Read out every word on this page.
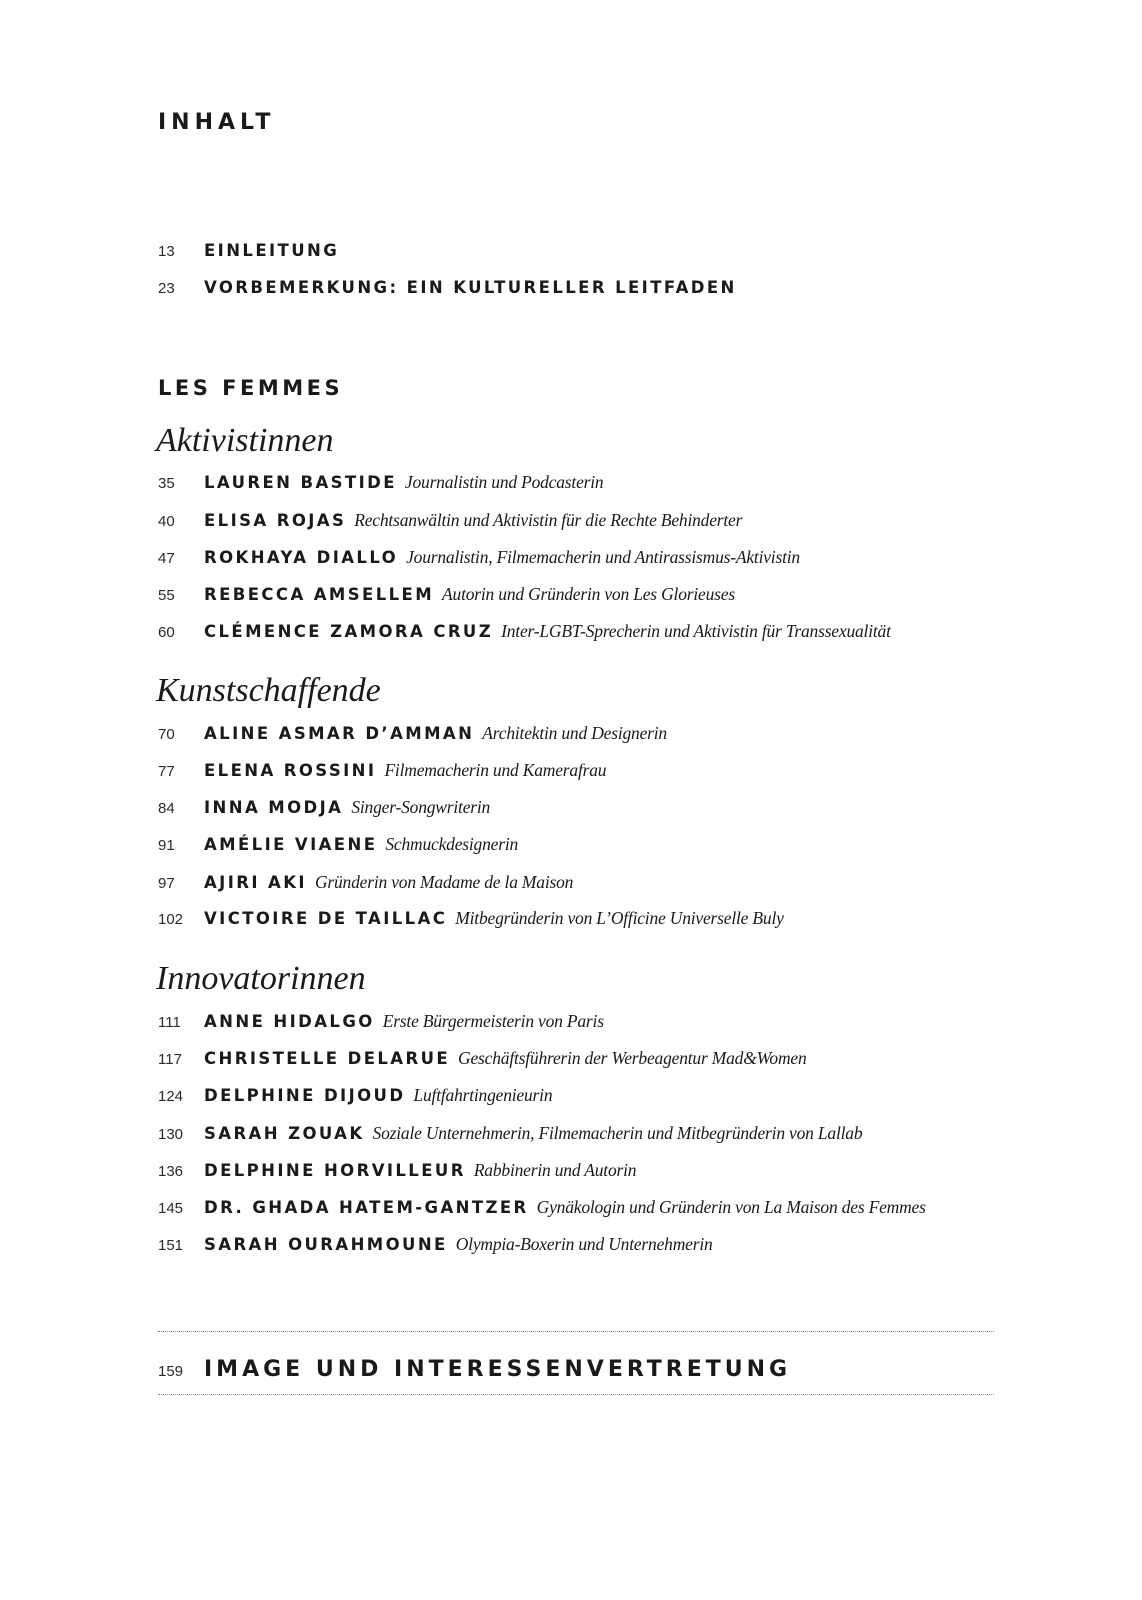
INHALT
13	EINLEITUNG
23	VORBEMERKUNG: EIN KULTURELLER LEITFADEN
LES FEMMES
Aktivistinnen
35	LAUREN BASTIDE Journalistin und Podcasterin
40	ELISA ROJAS Rechtsanwältin und Aktivistin für die Rechte Behinderter
47	ROKHAYA DIALLO Journalistin, Filmemacherin und Antirassismus-Aktivistin
55	REBECCA AMSELLEM Autorin und Gründerin von Les Glorieuses
60	CLÉMENCE ZAMORA CRUZ Inter-LGBT-Sprecherin und Aktivistin für Transsexualität
Kunstschaffende
70	ALINE ASMAR D’AMMAN Architektin und Designerin
77	ELENA ROSSINI Filmemacherin und Kamerafrau
84	INNA MODJA Singer-Songwriterin
91	AMÉLIE VIAENE Schmuckdesignerin
97	AJIRI AKI Gründerin von Madame de la Maison
102	VICTOIRE DE TAILLAC Mitbegründerin von L’Officine Universelle Buly
Innovatorinnen
111	ANNE HIDALGO Erste Bürgermeisterin von Paris
117	CHRISTELLE DELARUE Geschäftsführerin der Werbeagentur Mad&Women
124	DELPHINE DIJOUD Luftfahrtingenieurin
130	SARAH ZOUAK Soziale Unternehmerin, Filmemacherin und Mitbegründerin von Lallab
136	DELPHINE HORVILLEUR Rabbinerin und Autorin
145	DR. GHADA HATEM-GANTZER Gynäkologin und Gründerin von La Maison des Femmes
151	SARAH OURAHMOUNE Olympia-Boxerin und Unternehmerin
159 IMAGE UND INTERESSENVERTRETUNG
